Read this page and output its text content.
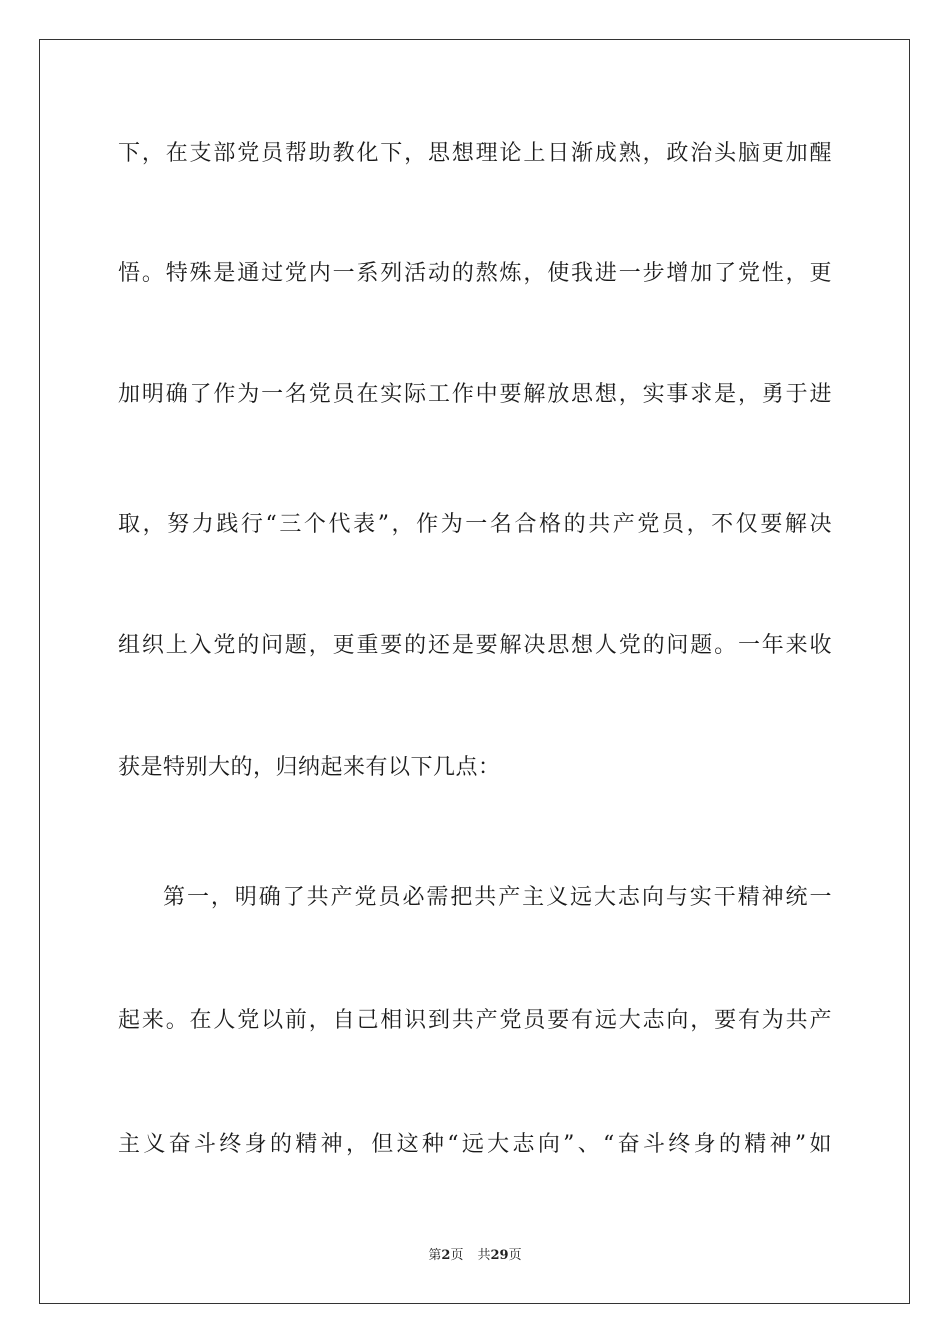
下，在支部党员帮助教化下，思想理论上日渐成熟，政治头脑更加醒
悟。特殊是通过党内一系列活动的熬炼，使我进一步增加了党性，更
加明确了作为一名党员在实际工作中要解放思想，实事求是，勇于进
取，努力践行“三个代表”，作为一名合格的共产党员，不仅要解决
组织上入党的问题，更重要的还是要解决思想人党的问题。一年来收
获是特别大的，归纳起来有以下几点：
第一，明确了共产党员必需把共产主义远大志向与实干精神统一
起来。在人党以前，自己相识到共产党员要有远大志向，要有为共产
主义奋斗终身的精神，但这种“远大志向”、“奋斗终身的精神”如
第2页 共29页
